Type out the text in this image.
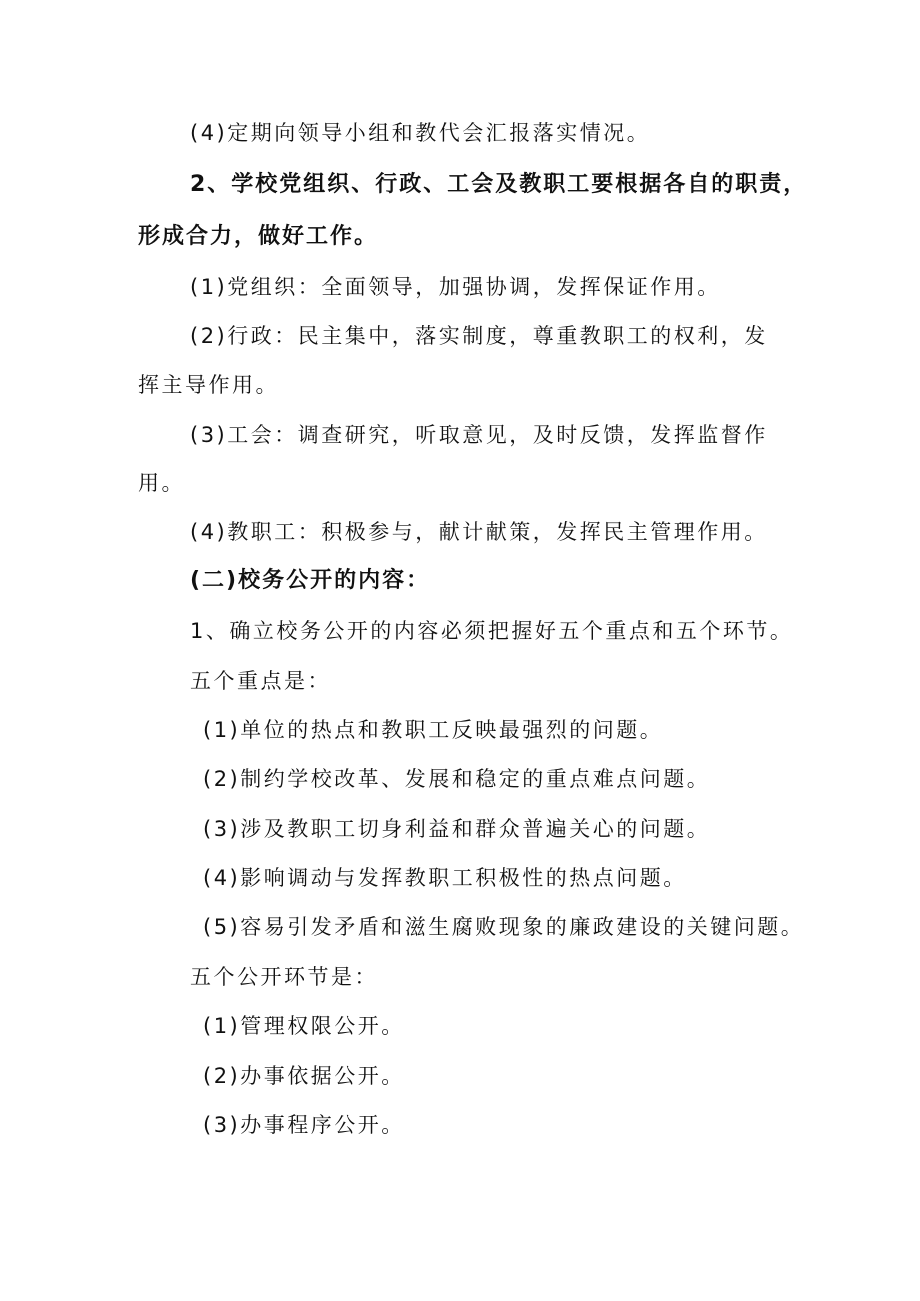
(4)定期向领导小组和教代会汇报落实情况。
2、学校党组织、行政、工会及教职工要根据各自的职责，
形成合力，做好工作。
(1)党组织：全面领导，加强协调，发挥保证作用。
(2)行政：民主集中，落实制度，尊重教职工的权利，发
挥主导作用。
(3)工会：调查研究，听取意见，及时反馈，发挥监督作
用。
(4)教职工：积极参与，献计献策，发挥民主管理作用。
(二)校务公开的内容：
1、确立校务公开的内容必须把握好五个重点和五个环节。
五个重点是：
(1)单位的热点和教职工反映最强烈的问题。
(2)制约学校改革、发展和稳定的重点难点问题。
(3)涉及教职工切身利益和群众普遍关心的问题。
(4)影响调动与发挥教职工积极性的热点问题。
(5)容易引发矛盾和滋生腐败现象的廉政建设的关键问题。
五个公开环节是：
(1)管理权限公开。
(2)办事依据公开。
(3)办事程序公开。
